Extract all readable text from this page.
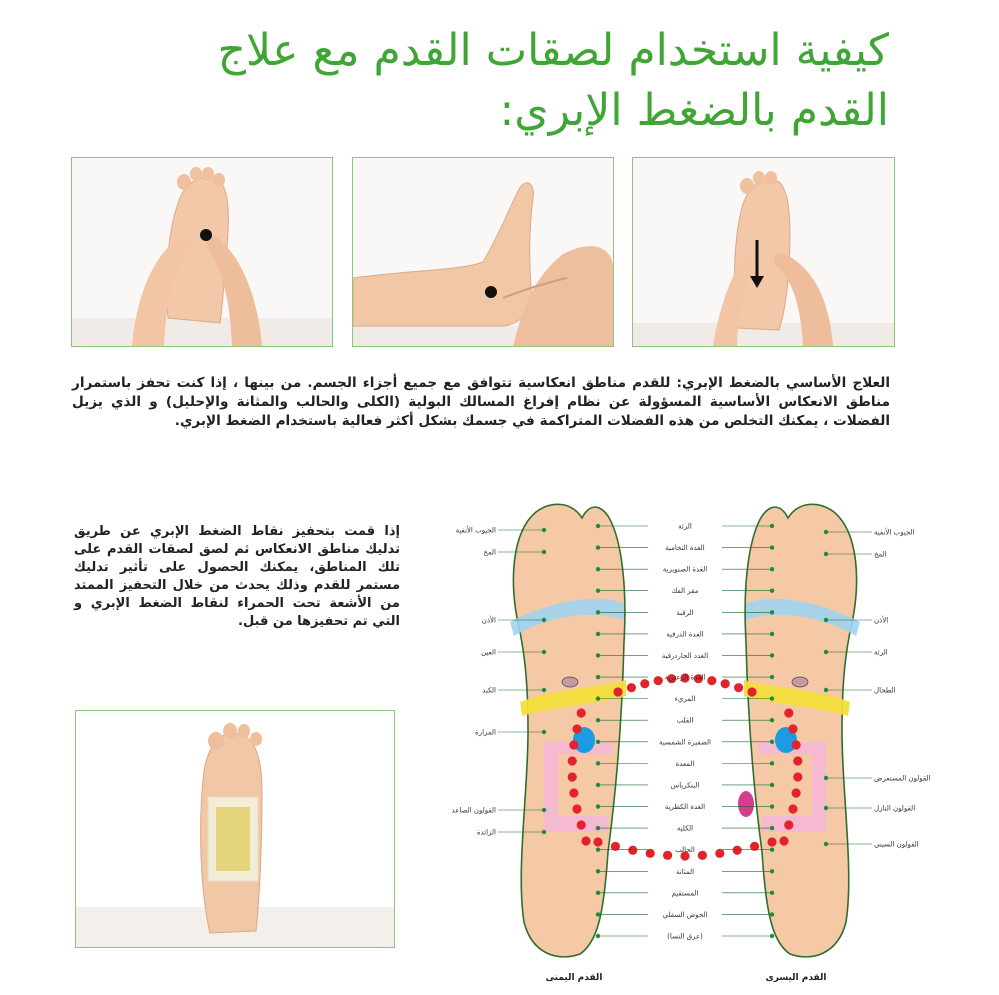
كيفية استخدام لصقات القدم مع علاج
القدم بالضغط الإبري:

العلاج الأساسي بالضغط الإبري: للقدم مناطق انعكاسية تتوافق مع جميع أجزاء الجسم. من بينها ، إذا كنت تحفز باستمرار مناطق الانعكاس الأساسية المسؤولة عن نظام إفراغ المسالك البولية (الكلى والحالب والمثانة والإحليل) و الذي يزيل الفضلات ، يمكنك التخلص من هذه الفضلات المتراكمة في جسمك بشكل أكثر فعالية باستخدام الضغط الإبري.

إذا قمت بتحفيز نقاط الضغط الإبري عن طريق تدليك مناطق الانعكاس ثم لصق لصقات القدم على تلك المناطق، يمكنك الحصول على تأثير تدليك مستمر للقدم وذلك يحدث من خلال التحفيز الممتد من الأشعة تحت الحمراء لنقاط الضغط الإبري و التي تم تحفيزها من قبل.

الرئة
الغدة النخامية
الغدة الصنوبرية
مقر الفك
الرقبة
الغدة الدرقية
الغدد الجاردرقية
الغدة الزعترية
المريء
القلب
الضفيرة الشمسية
المعدة
البنكرياس
الغدة الكظرية
الكلية
الحالب
المثانة
المستقيم
الحوض السفلي
(عرق النسا)
الجيوب الأنفية
المخ
الأذن
العين
الكبد
المرارة
القولون الصاعد
الزائدة
الجيوب الأنفية
المخ
الأذن
الرئة
الطحال
القولون المستعرض
القولون النازل
القولون السيني
القدم اليمنى	القدم اليسرى
